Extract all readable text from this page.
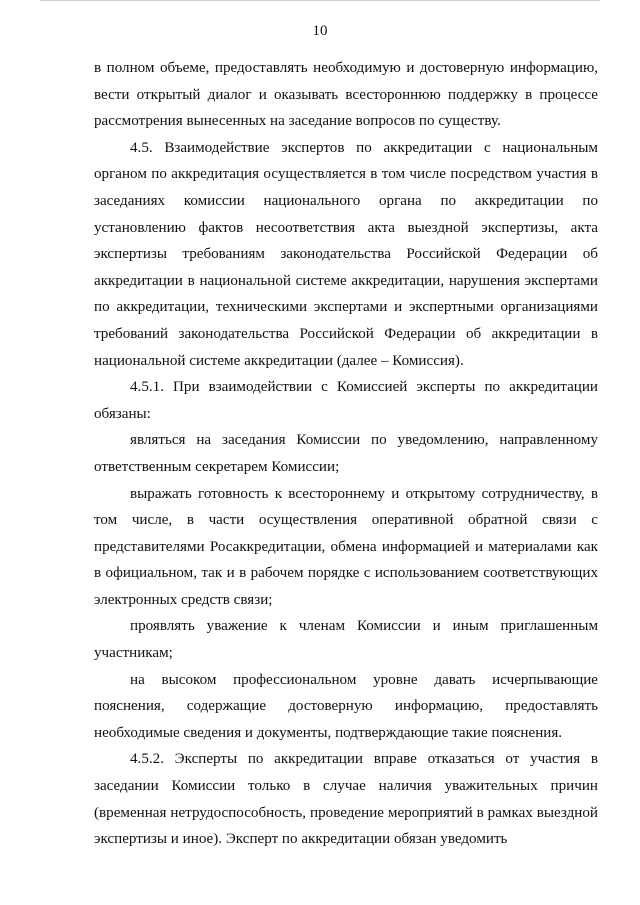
10

в полном объеме, предоставлять необходимую и достоверную информацию, вести открытый диалог и оказывать всестороннюю поддержку в процессе рассмотрения вынесенных на заседание вопросов по существу.

4.5. Взаимодействие экспертов по аккредитации с национальным органом по аккредитация осуществляется в том числе посредством участия в заседаниях комиссии национального органа по аккредитации по установлению фактов несоответствия акта выездной экспертизы, акта экспертизы требованиям законодательства Российской Федерации об аккредитации в национальной системе аккредитации, нарушения экспертами по аккредитации, техническими экспертами и экспертными организациями требований законодательства Российской Федерации об аккредитации в национальной системе аккредитации (далее – Комиссия).

4.5.1. При взаимодействии с Комиссией эксперты по аккредитации обязаны:

являться на заседания Комиссии по уведомлению, направленному ответственным секретарем Комиссии;

выражать готовность к всестороннему и открытому сотрудничеству, в том числе, в части осуществления оперативной обратной связи с представителями Росаккредитации, обмена информацией и материалами как в официальном, так и в рабочем порядке с использованием соответствующих электронных средств связи;

проявлять уважение к членам Комиссии и иным приглашенным участникам;

на высоком профессиональном уровне давать исчерпывающие пояснения, содержащие достоверную информацию, предоставлять необходимые сведения и документы, подтверждающие такие пояснения.

4.5.2. Эксперты по аккредитации вправе отказаться от участия в заседании Комиссии только в случае наличия уважительных причин (временная нетрудоспособность, проведение мероприятий в рамках выездной экспертизы и иное). Эксперт по аккредитации обязан уведомить
